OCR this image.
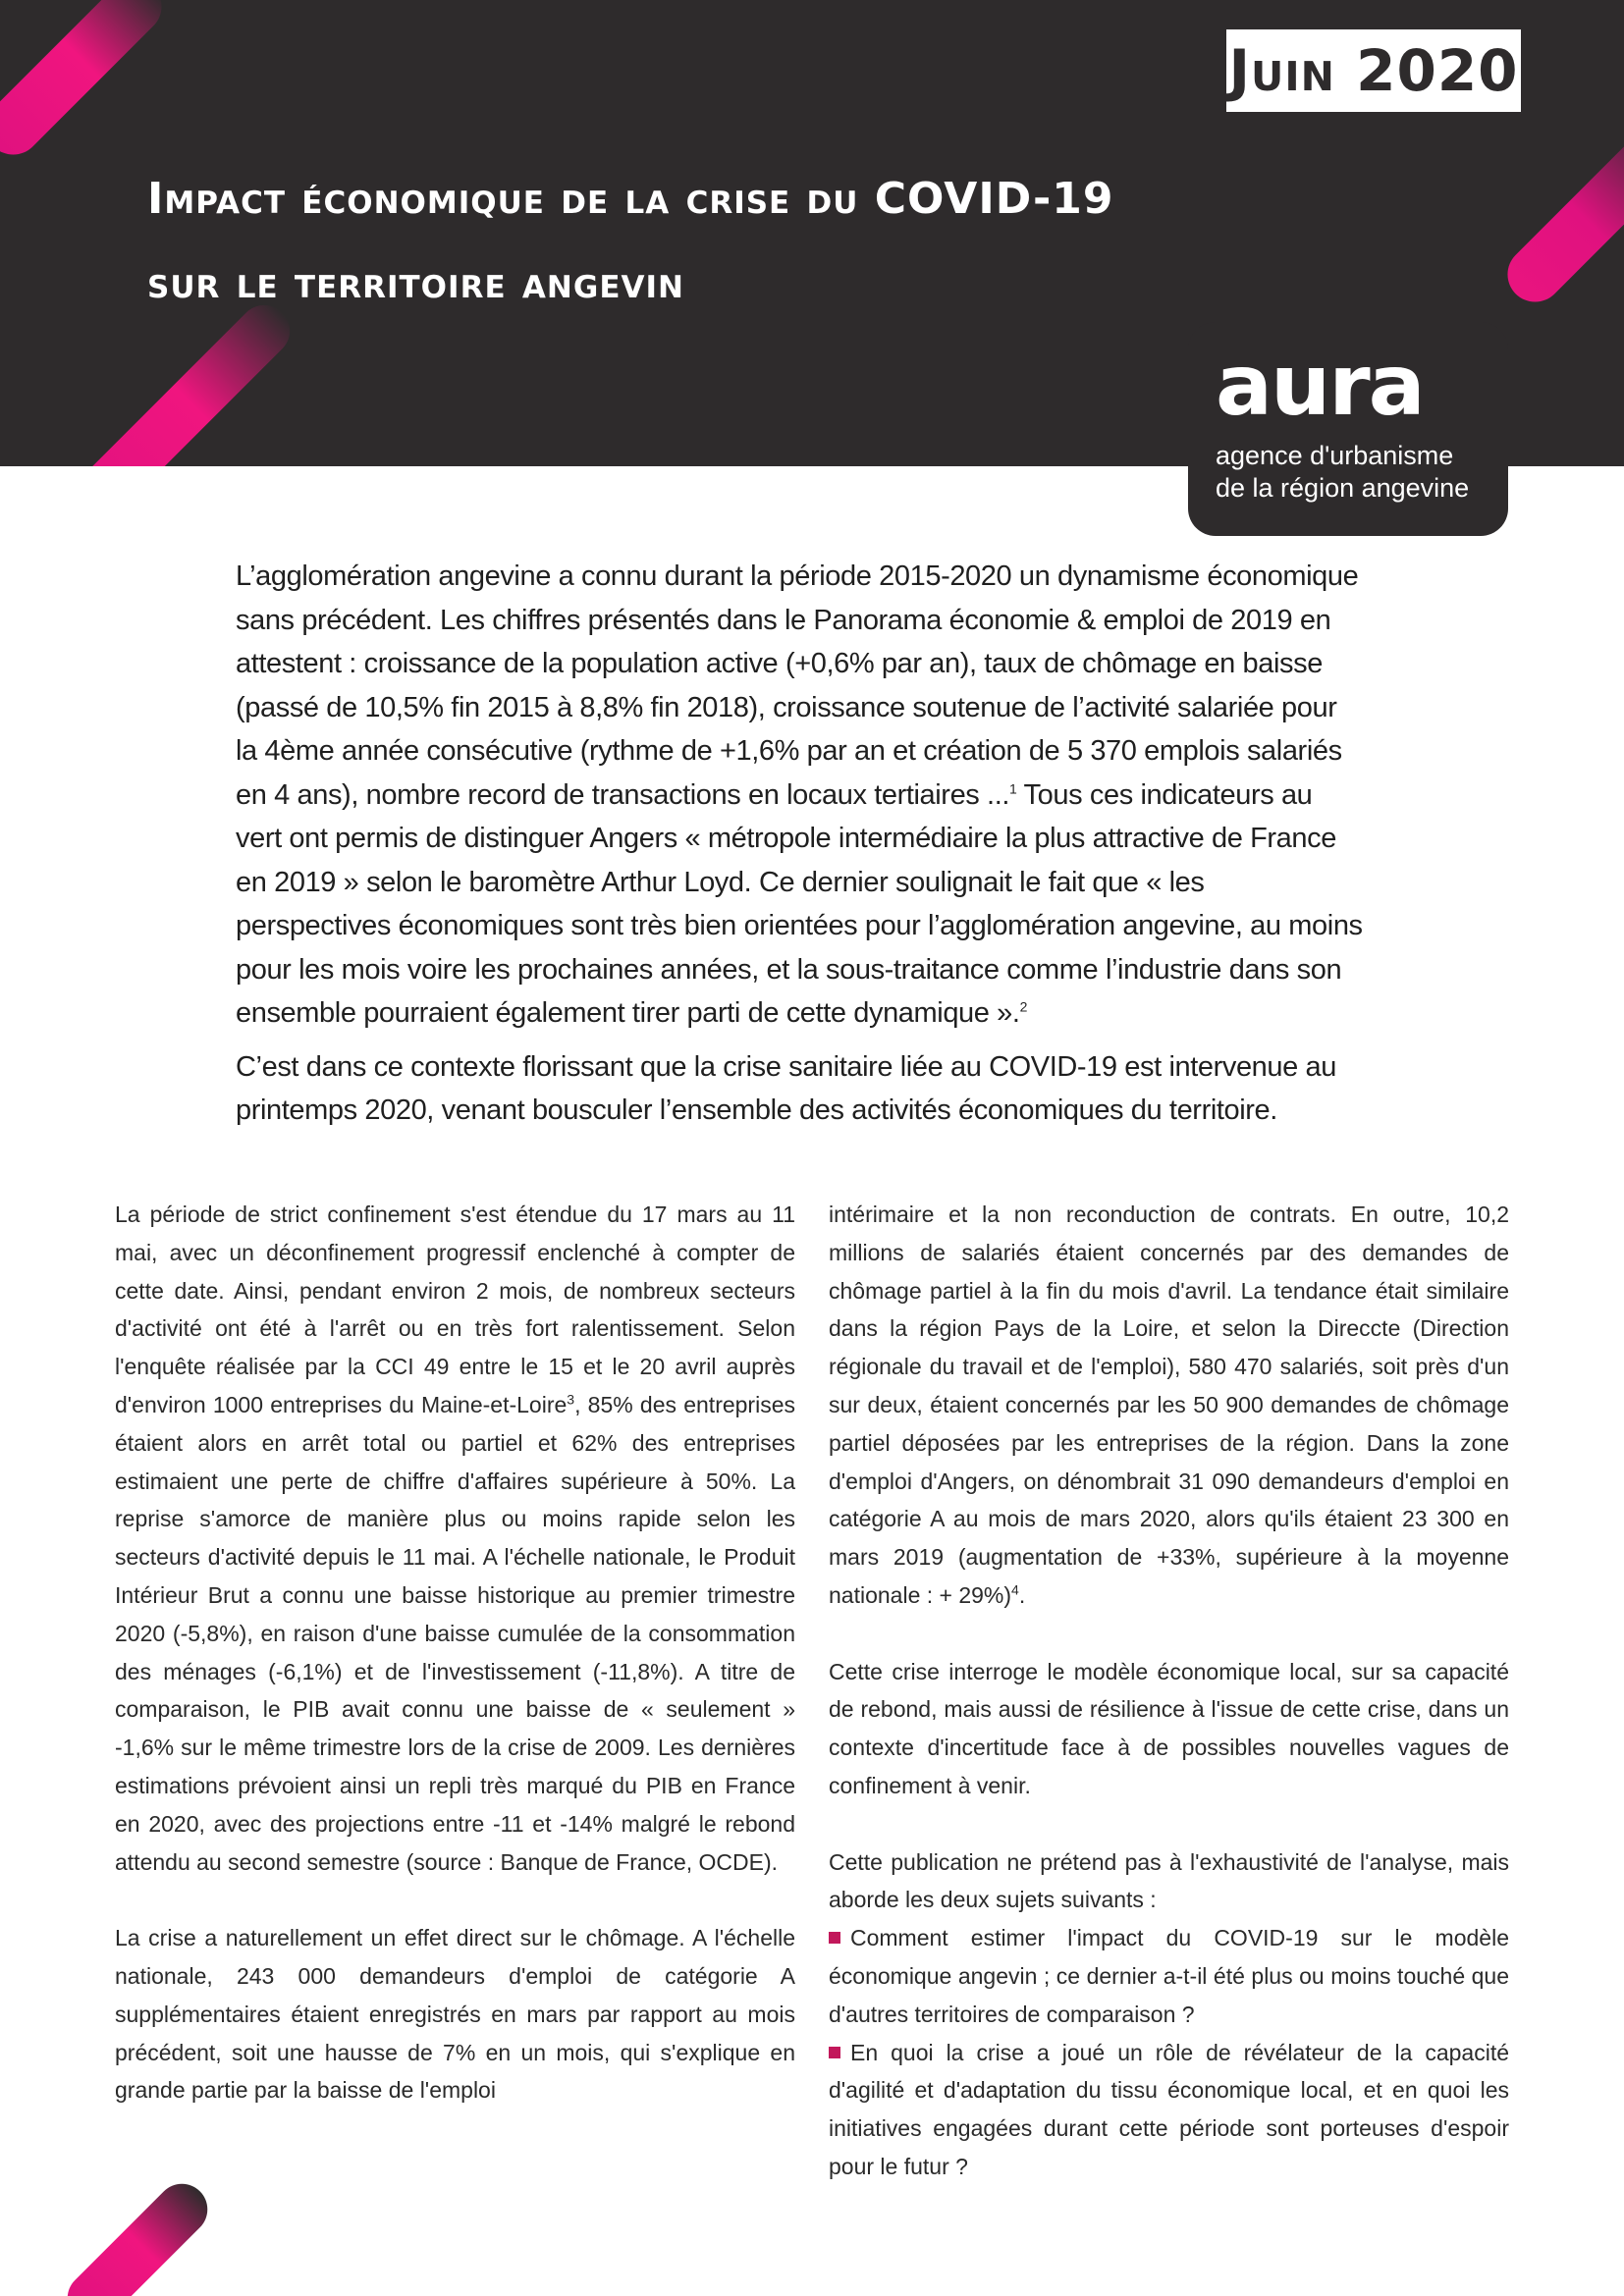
Juin 2020
Impact économique de la crise du COVID-19
sur le territoire angevin
aura
agence d'urbanisme
de la région angevine

L’agglomération angevine a connu durant la période 2015-2020 un dynamisme économique sans précédent. Les chiffres présentés dans le Panorama économie & emploi de 2019 en attestent : croissance de la population active (+0,6% par an), taux de chômage en baisse (passé de 10,5% fin 2015 à 8,8% fin 2018), croissance soutenue de l’activité salariée pour la 4ème année consécutive (rythme de +1,6% par an et création de 5 370 emplois salariés en 4 ans), nombre record de transactions en locaux tertiaires ...$^1$ Tous ces indicateurs au vert ont permis de distinguer Angers « métropole intermédiaire la plus attractive de France en 2019 » selon le baromètre Arthur Loyd. Ce dernier soulignait le fait que « les perspectives économiques sont très bien orientées pour l’agglomération angevine, au moins pour les mois voire les prochaines années, et la sous-traitance comme l’industrie dans son ensemble pourraient également tirer parti de cette dynamique ».$^2$

C’est dans ce contexte florissant que la crise sanitaire liée au COVID-19 est intervenue au printemps 2020, venant bousculer l’ensemble des activités économiques du territoire.

La période de strict confinement s'est étendue du 17 mars au 11 mai, avec un déconfinement progressif enclenché à compter de cette date. Ainsi, pendant environ 2 mois, de nombreux secteurs d'activité ont été à l'arrêt ou en très fort ralentissement. Selon l'enquête réalisée par la CCI 49 entre le 15 et le 20 avril auprès d'environ 1000 entreprises du Maine-et-Loire$^3$, 85% des entreprises étaient alors en arrêt total ou partiel et 62% des entreprises estimaient une perte de chiffre d'affaires supérieure à 50%. La reprise s'amorce de manière plus ou moins rapide selon les secteurs d'activité depuis le 11 mai. A l'échelle nationale, le Produit Intérieur Brut a connu une baisse historique au premier trimestre 2020 (-5,8%), en raison d'une baisse cumulée de la consommation des ménages (-6,1%) et de l'investissement (-11,8%). A titre de comparaison, le PIB avait connu une baisse de « seulement » -1,6% sur le même trimestre lors de la crise de 2009. Les dernières estimations prévoient ainsi un repli très marqué du PIB en France en 2020, avec des projections entre -11 et -14% malgré le rebond attendu au second semestre (source : Banque de France, OCDE).

La crise a naturellement un effet direct sur le chômage. A l'échelle nationale, 243 000 demandeurs d'emploi de catégorie A supplémentaires étaient enregistrés en mars par rapport au mois précédent, soit une hausse de 7% en un mois, qui s'explique en grande partie par la baisse de l'emploi

intérimaire et la non reconduction de contrats. En outre, 10,2 millions de salariés étaient concernés par des demandes de chômage partiel à la fin du mois d'avril. La tendance était similaire dans la région Pays de la Loire, et selon la Direccte (Direction régionale du travail et de l'emploi), 580 470 salariés, soit près d'un sur deux, étaient concernés par les 50 900 demandes de chômage partiel déposées par les entreprises de la région. Dans la zone d'emploi d'Angers, on dénombrait 31 090 demandeurs d'emploi en catégorie A au mois de mars 2020, alors qu'ils étaient 23 300 en mars 2019 (augmentation de +33%, supérieure à la moyenne nationale : + 29%)$^4$.

Cette crise interroge le modèle économique local, sur sa capacité de rebond, mais aussi de résilience à l'issue de cette crise, dans un contexte d'incertitude face à de possibles nouvelles vagues de confinement à venir.

Cette publication ne prétend pas à l'exhaustivité de l'analyse, mais aborde les deux sujets suivants :

Comment estimer l'impact du COVID-19 sur le modèle économique angevin ; ce dernier a-t-il été plus ou moins touché que d'autres territoires de comparaison ?

En quoi la crise a joué un rôle de révélateur de la capacité d'agilité et d'adaptation du tissu économique local, et en quoi les initiatives engagées durant cette période sont porteuses d'espoir pour le futur ?
